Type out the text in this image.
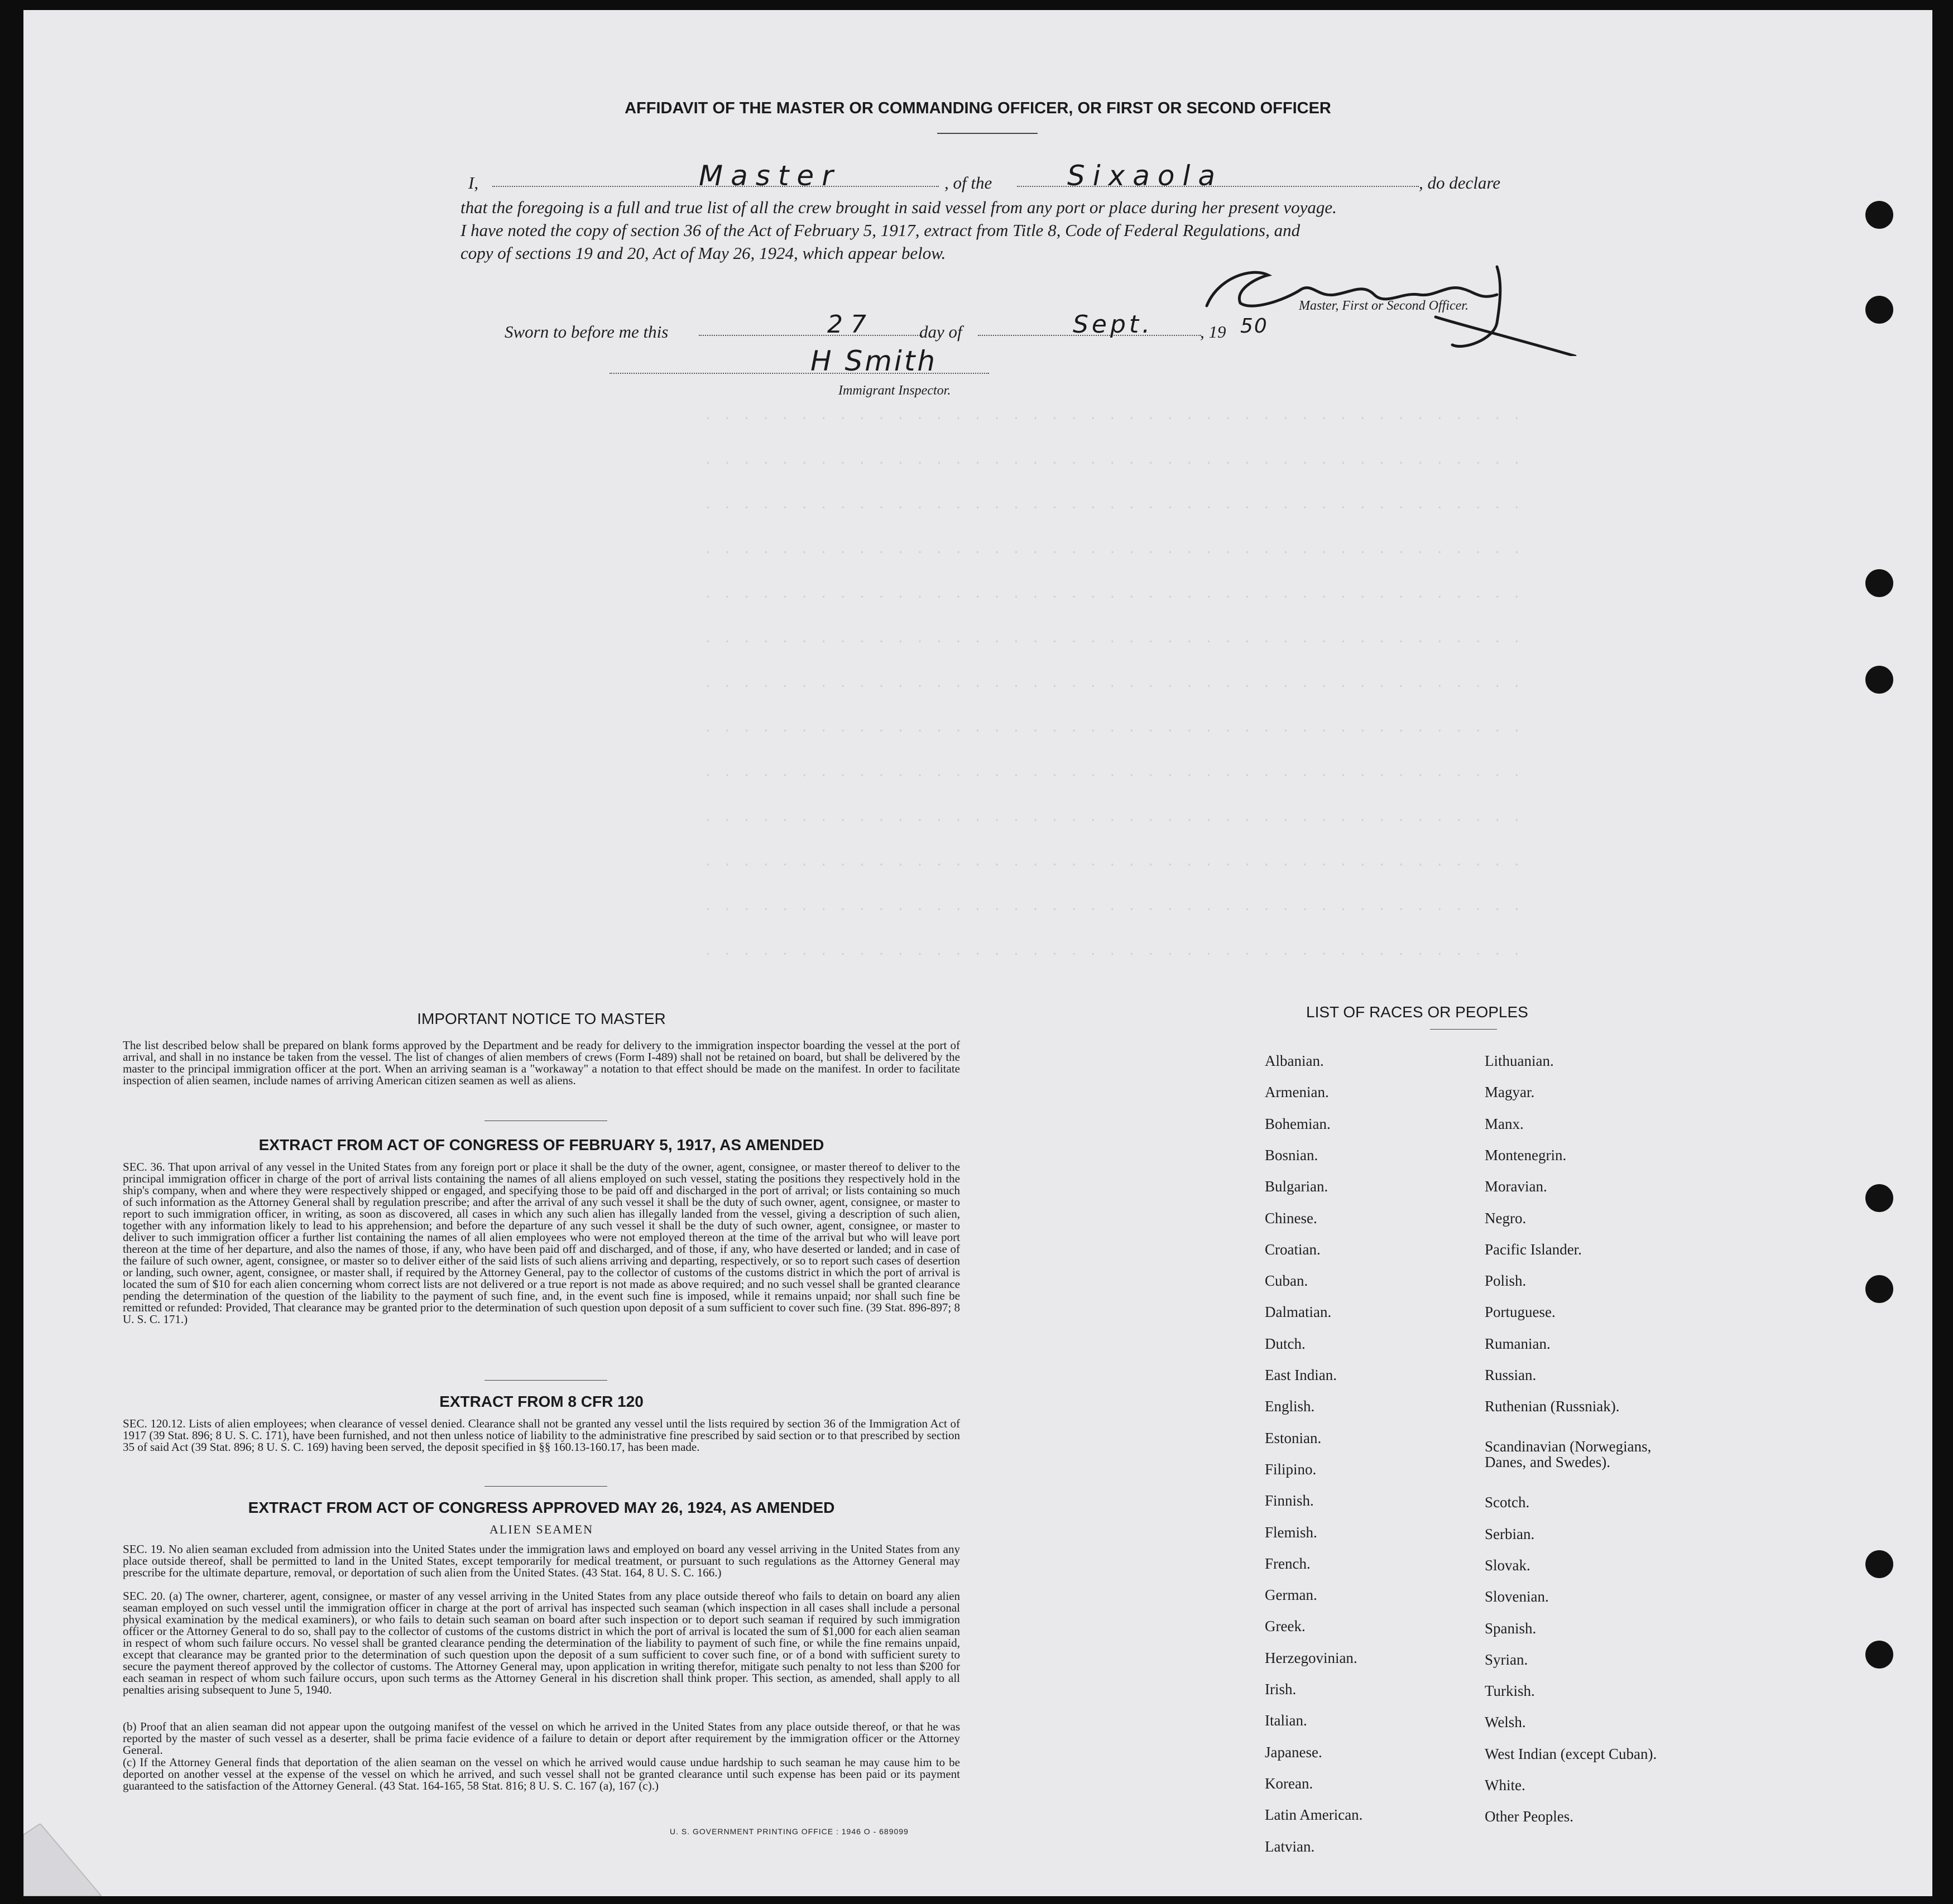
AFFIDAVIT OF THE MASTER OR COMMANDING OFFICER, OR FIRST OR SECOND OFFICER
I,	Master	, of the	Sixaola	, do declare
that the foregoing is a full and true list of all the crew brought in said vessel from any port or place during her present voyage.
I have noted the copy of section 36 of the Act of February 5, 1917, extract from Title 8, Code of Federal Regulations, and
copy of sections 19 and 20, Act of May 26, 1924, which appear below.
Master, First or Second Officer.
Sworn to before me this	27	day of	Sept.	, 19 50
H Smith
Immigrant Inspector.
· · · · · · · · · · · · · · · · · · · · · · · · · · · · · · · · · · · · · · · · · · ·
· · · · · · · · · · · · · · · · · · · · · · · · · · · · · · · · · · · · · · · · · · ·
· · · · · · · · · · · · · · · · · · · · · · · · · · · · · · · · · · · · · · · · · · ·
· · · · · · · · · · · · · · · · · · · · · · · · · · · · · · · · · · · · · · · · · · ·
· · · · · · · · · · · · · · · · · · · · · · · · · · · · · · · · · · · · · · · · · · ·
· · · · · · · · · · · · · · · · · · · · · · · · · · · · · · · · · · · · · · · · · · ·
· · · · · · · · · · · · · · · · · · · · · · · · · · · · · · · · · · · · · · · · · · ·
· · · · · · · · · · · · · · · · · · · · · · · · · · · · · · · · · · · · · · · · · · ·
· · · · · · · · · · · · · · · · · · · · · · · · · · · · · · · · · · · · · · · · · · ·
· · · · · · · · · · · · · · · · · · · · · · · · · · · · · · · · · · · · · · · · · · ·
· · · · · · · · · · · · · · · · · · · · · · · · · · · · · · · · · · · · · · · · · · ·
· · · · · · · · · · · · · · · · · · · · · · · · · · · · · · · · · · · · · · · · · · ·
· · · · · · · · · · · · · · · · · · · · · · · · · · · · · · · · · · · · · · · · · · ·
IMPORTANT NOTICE TO MASTER
The list described below shall be prepared on blank forms approved by the Department and be ready for delivery to the immigration inspector boarding the vessel at the port of arrival, and shall in no instance be taken from the vessel. The list of changes of alien members of crews (Form I-489) shall not be retained on board, but shall be delivered by the master to the principal immigration officer at the port. When an arriving seaman is a "workaway" a notation to that effect should be made on the manifest. In order to facilitate inspection of alien seamen, include names of arriving American citizen seamen as well as aliens.
EXTRACT FROM ACT OF CONGRESS OF FEBRUARY 5, 1917, AS AMENDED
SEC. 36. That upon arrival of any vessel in the United States from any foreign port or place it shall be the duty of the owner, agent, consignee, or master thereof to deliver to the principal immigration officer in charge of the port of arrival lists containing the names of all aliens employed on such vessel, stating the positions they respectively hold in the ship's company, when and where they were respectively shipped or engaged, and specifying those to be paid off and discharged in the port of arrival; or lists containing so much of such information as the Attorney General shall by regulation prescribe; and after the arrival of any such vessel it shall be the duty of such owner, agent, consignee, or master to report to such immigration officer, in writing, as soon as discovered, all cases in which any such alien has illegally landed from the vessel, giving a description of such alien, together with any information likely to lead to his apprehension; and before the departure of any such vessel it shall be the duty of such owner, agent, consignee, or master to deliver to such immigration officer a further list containing the names of all alien employees who were not employed thereon at the time of the arrival but who will leave port thereon at the time of her departure, and also the names of those, if any, who have been paid off and discharged, and of those, if any, who have deserted or landed; and in case of the failure of such owner, agent, consignee, or master so to deliver either of the said lists of such aliens arriving and departing, respectively, or so to report such cases of desertion or landing, such owner, agent, consignee, or master shall, if required by the Attorney General, pay to the collector of customs of the customs district in which the port of arrival is located the sum of $10 for each alien concerning whom correct lists are not delivered or a true report is not made as above required; and no such vessel shall be granted clearance pending the determination of the question of the liability to the payment of such fine, and, in the event such fine is imposed, while it remains unpaid; nor shall such fine be remitted or refunded: Provided, That clearance may be granted prior to the determination of such question upon deposit of a sum sufficient to cover such fine. (39 Stat. 896-897; 8 U. S. C. 171.)
EXTRACT FROM 8 CFR 120
SEC. 120.12. Lists of alien employees; when clearance of vessel denied. Clearance shall not be granted any vessel until the lists required by section 36 of the Immigration Act of 1917 (39 Stat. 896; 8 U. S. C. 171), have been furnished, and not then unless notice of liability to the administrative fine prescribed by said section or to that prescribed by section 35 of said Act (39 Stat. 896; 8 U. S. C. 169) having been served, the deposit specified in §§ 160.13-160.17, has been made.
EXTRACT FROM ACT OF CONGRESS APPROVED MAY 26, 1924, AS AMENDED
ALIEN SEAMEN
SEC. 19. No alien seaman excluded from admission into the United States under the immigration laws and employed on board any vessel arriving in the United States from any place outside thereof, shall be permitted to land in the United States, except temporarily for medical treatment, or pursuant to such regulations as the Attorney General may prescribe for the ultimate departure, removal, or deportation of such alien from the United States. (43 Stat. 164, 8 U. S. C. 166.)
SEC. 20. (a) The owner, charterer, agent, consignee, or master of any vessel arriving in the United States from any place outside thereof who fails to detain on board any alien seaman employed on such vessel until the immigration officer in charge at the port of arrival has inspected such seaman (which inspection in all cases shall include a personal physical examination by the medical examiners), or who fails to detain such seaman on board after such inspection or to deport such seaman if required by such immigration officer or the Attorney General to do so, shall pay to the collector of customs of the customs district in which the port of arrival is located the sum of $1,000 for each alien seaman in respect of whom such failure occurs. No vessel shall be granted clearance pending the determination of the liability to payment of such fine, or while the fine remains unpaid, except that clearance may be granted prior to the determination of such question upon the deposit of a sum sufficient to cover such fine, or of a bond with sufficient surety to secure the payment thereof approved by the collector of customs. The Attorney General may, upon application in writing therefor, mitigate such penalty to not less than $200 for each seaman in respect of whom such failure occurs, upon such terms as the Attorney General in his discretion shall think proper. This section, as amended, shall apply to all penalties arising subsequent to June 5, 1940.
(b) Proof that an alien seaman did not appear upon the outgoing manifest of the vessel on which he arrived in the United States from any place outside thereof, or that he was reported by the master of such vessel as a deserter, shall be prima facie evidence of a failure to detain or deport after requirement by the immigration officer or the Attorney General.
(c) If the Attorney General finds that deportation of the alien seaman on the vessel on which he arrived would cause undue hardship to such seaman he may cause him to be deported on another vessel at the expense of the vessel on which he arrived, and such vessel shall not be granted clearance until such expense has been paid or its payment guaranteed to the satisfaction of the Attorney General. (43 Stat. 164-165, 58 Stat. 816; 8 U. S. C. 167 (a), 167 (c).)
U. S. GOVERNMENT PRINTING OFFICE : 1946 O - 689099
LIST OF RACES OR PEOPLES
Albanian.
Armenian.
Bohemian.
Bosnian.
Bulgarian.
Chinese.
Croatian.
Cuban.
Dalmatian.
Dutch.
East Indian.
English.
Estonian.
Filipino.
Finnish.
Flemish.
French.
German.
Greek.
Herzegovinian.
Irish.
Italian.
Japanese.
Korean.
Latin American.
Latvian.
Lithuanian.
Magyar.
Manx.
Montenegrin.
Moravian.
Negro.
Pacific Islander.
Polish.
Portuguese.
Rumanian.
Russian.
Ruthenian (Russniak).
Scandinavian (Norwegians,
Danes, and Swedes).
Scotch.
Serbian.
Slovak.
Slovenian.
Spanish.
Syrian.
Turkish.
Welsh.
West Indian (except Cuban).
White.
Other Peoples.
